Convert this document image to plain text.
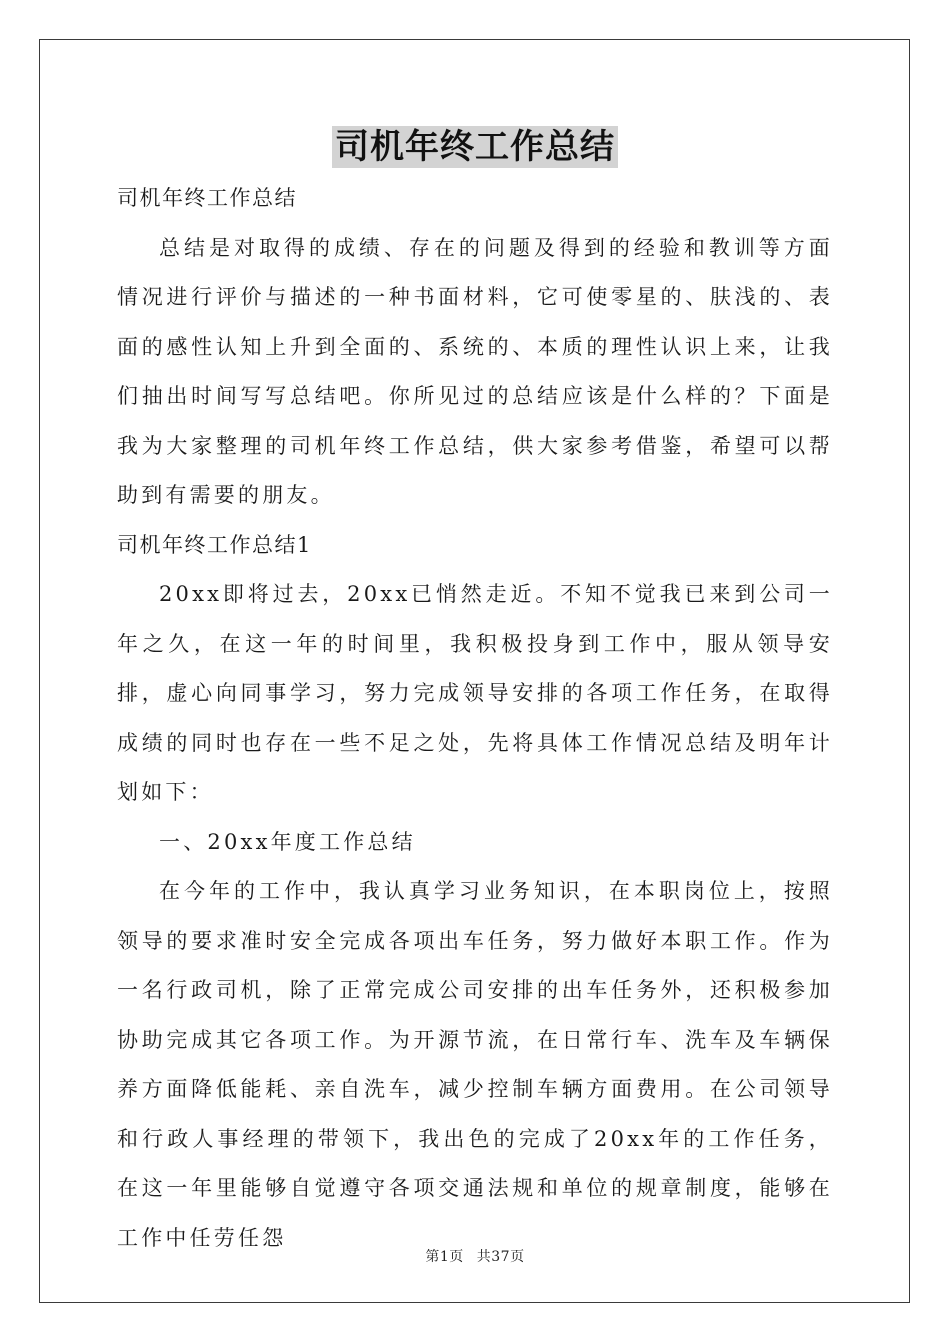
司机年终工作总结

司机年终工作总结

总结是对取得的成绩、存在的问题及得到的经验和教训等方面情况进行评价与描述的一种书面材料，它可使零星的、肤浅的、表面的感性认知上升到全面的、系统的、本质的理性认识上来，让我们抽出时间写写总结吧。你所见过的总结应该是什么样的？下面是我为大家整理的司机年终工作总结，供大家参考借鉴，希望可以帮助到有需要的朋友。

司机年终工作总结1

20xx即将过去，20xx已悄然走近。不知不觉我已来到公司一年之久，在这一年的时间里，我积极投身到工作中，服从领导安排，虚心向同事学习，努力完成领导安排的各项工作任务，在取得成绩的同时也存在一些不足之处，先将具体工作情况总结及明年计划如下：

一、20xx年度工作总结

在今年的工作中，我认真学习业务知识，在本职岗位上，按照领导的要求准时安全完成各项出车任务，努力做好本职工作。作为一名行政司机，除了正常完成公司安排的出车任务外，还积极参加协助完成其它各项工作。为开源节流，在日常行车、洗车及车辆保养方面降低能耗、亲自洗车，减少控制车辆方面费用。在公司领导和行政人事经理的带领下，我出色的完成了20xx年的工作任务，在这一年里能够自觉遵守各项交通法规和单位的规章制度，能够在工作中任劳任怨

第1页 共37页
